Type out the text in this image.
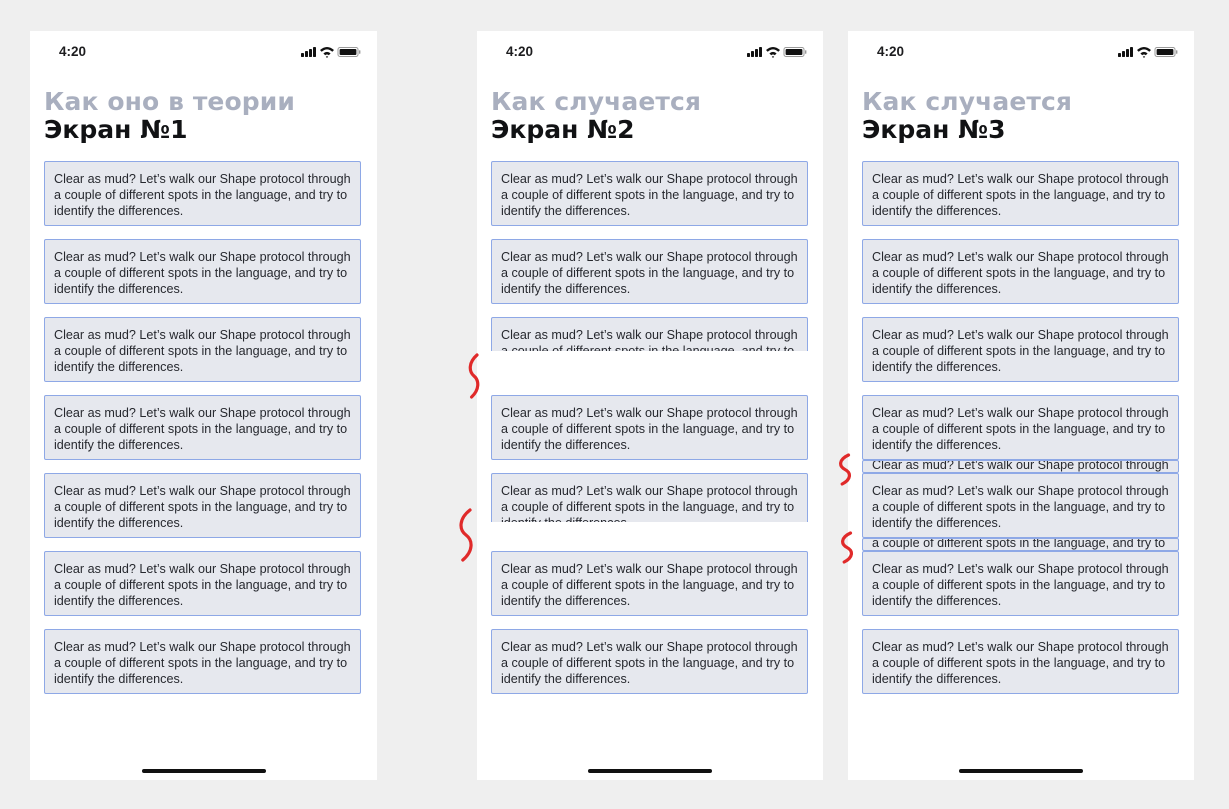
4:20
Как оно в теории
Экран №1
Clear as mud? Let’s walk our Shape protocol through a couple of different spots in the language, and try to identify the differences.
Clear as mud? Let’s walk our Shape protocol through a couple of different spots in the language, and try to identify the differences.
Clear as mud? Let’s walk our Shape protocol through a couple of different spots in the language, and try to identify the differences.
Clear as mud? Let’s walk our Shape protocol through a couple of different spots in the language, and try to identify the differences.
Clear as mud? Let’s walk our Shape protocol through a couple of different spots in the language, and try to identify the differences.
Clear as mud? Let’s walk our Shape protocol through a couple of different spots in the language, and try to identify the differences.
Clear as mud? Let’s walk our Shape protocol through a couple of different spots in the language, and try to identify the differences.
4:20
Как случается
Экран №2
Clear as mud? Let’s walk our Shape protocol through a couple of different spots in the language, and try to identify the differences.
Clear as mud? Let’s walk our Shape protocol through a couple of different spots in the language, and try to identify the differences.
Clear as mud? Let’s walk our Shape protocol through
Clear as mud? Let’s walk our Shape protocol through a couple of different spots in the language, and try to identify the differences.
Clear as mud? Let’s walk our Shape protocol through a couple of different spots in the language, and try to
Clear as mud? Let’s walk our Shape protocol through a couple of different spots in the language, and try to identify the differences.
Clear as mud? Let’s walk our Shape protocol through a couple of different spots in the language, and try to identify the differences.
4:20
Как случается
Экран №3
Clear as mud? Let’s walk our Shape protocol through a couple of different spots in the language, and try to identify the differences.
Clear as mud? Let’s walk our Shape protocol through a couple of different spots in the language, and try to identify the differences.
Clear as mud? Let’s walk our Shape protocol through a couple of different spots in the language, and try to identify the differences.
Clear as mud? Let’s walk our Shape protocol through a couple of different spots in the language, and try to identify the differences.
Clear as mud? Let’s walk our Shape protocol through
Clear as mud? Let’s walk our Shape protocol through a couple of different spots in the language, and try to identify the differences.
a couple of different spots in the language, and try to
Clear as mud? Let’s walk our Shape protocol through a couple of different spots in the language, and try to identify the differences.
Clear as mud? Let’s walk our Shape protocol through a couple of different spots in the language, and try to identify the differences.
